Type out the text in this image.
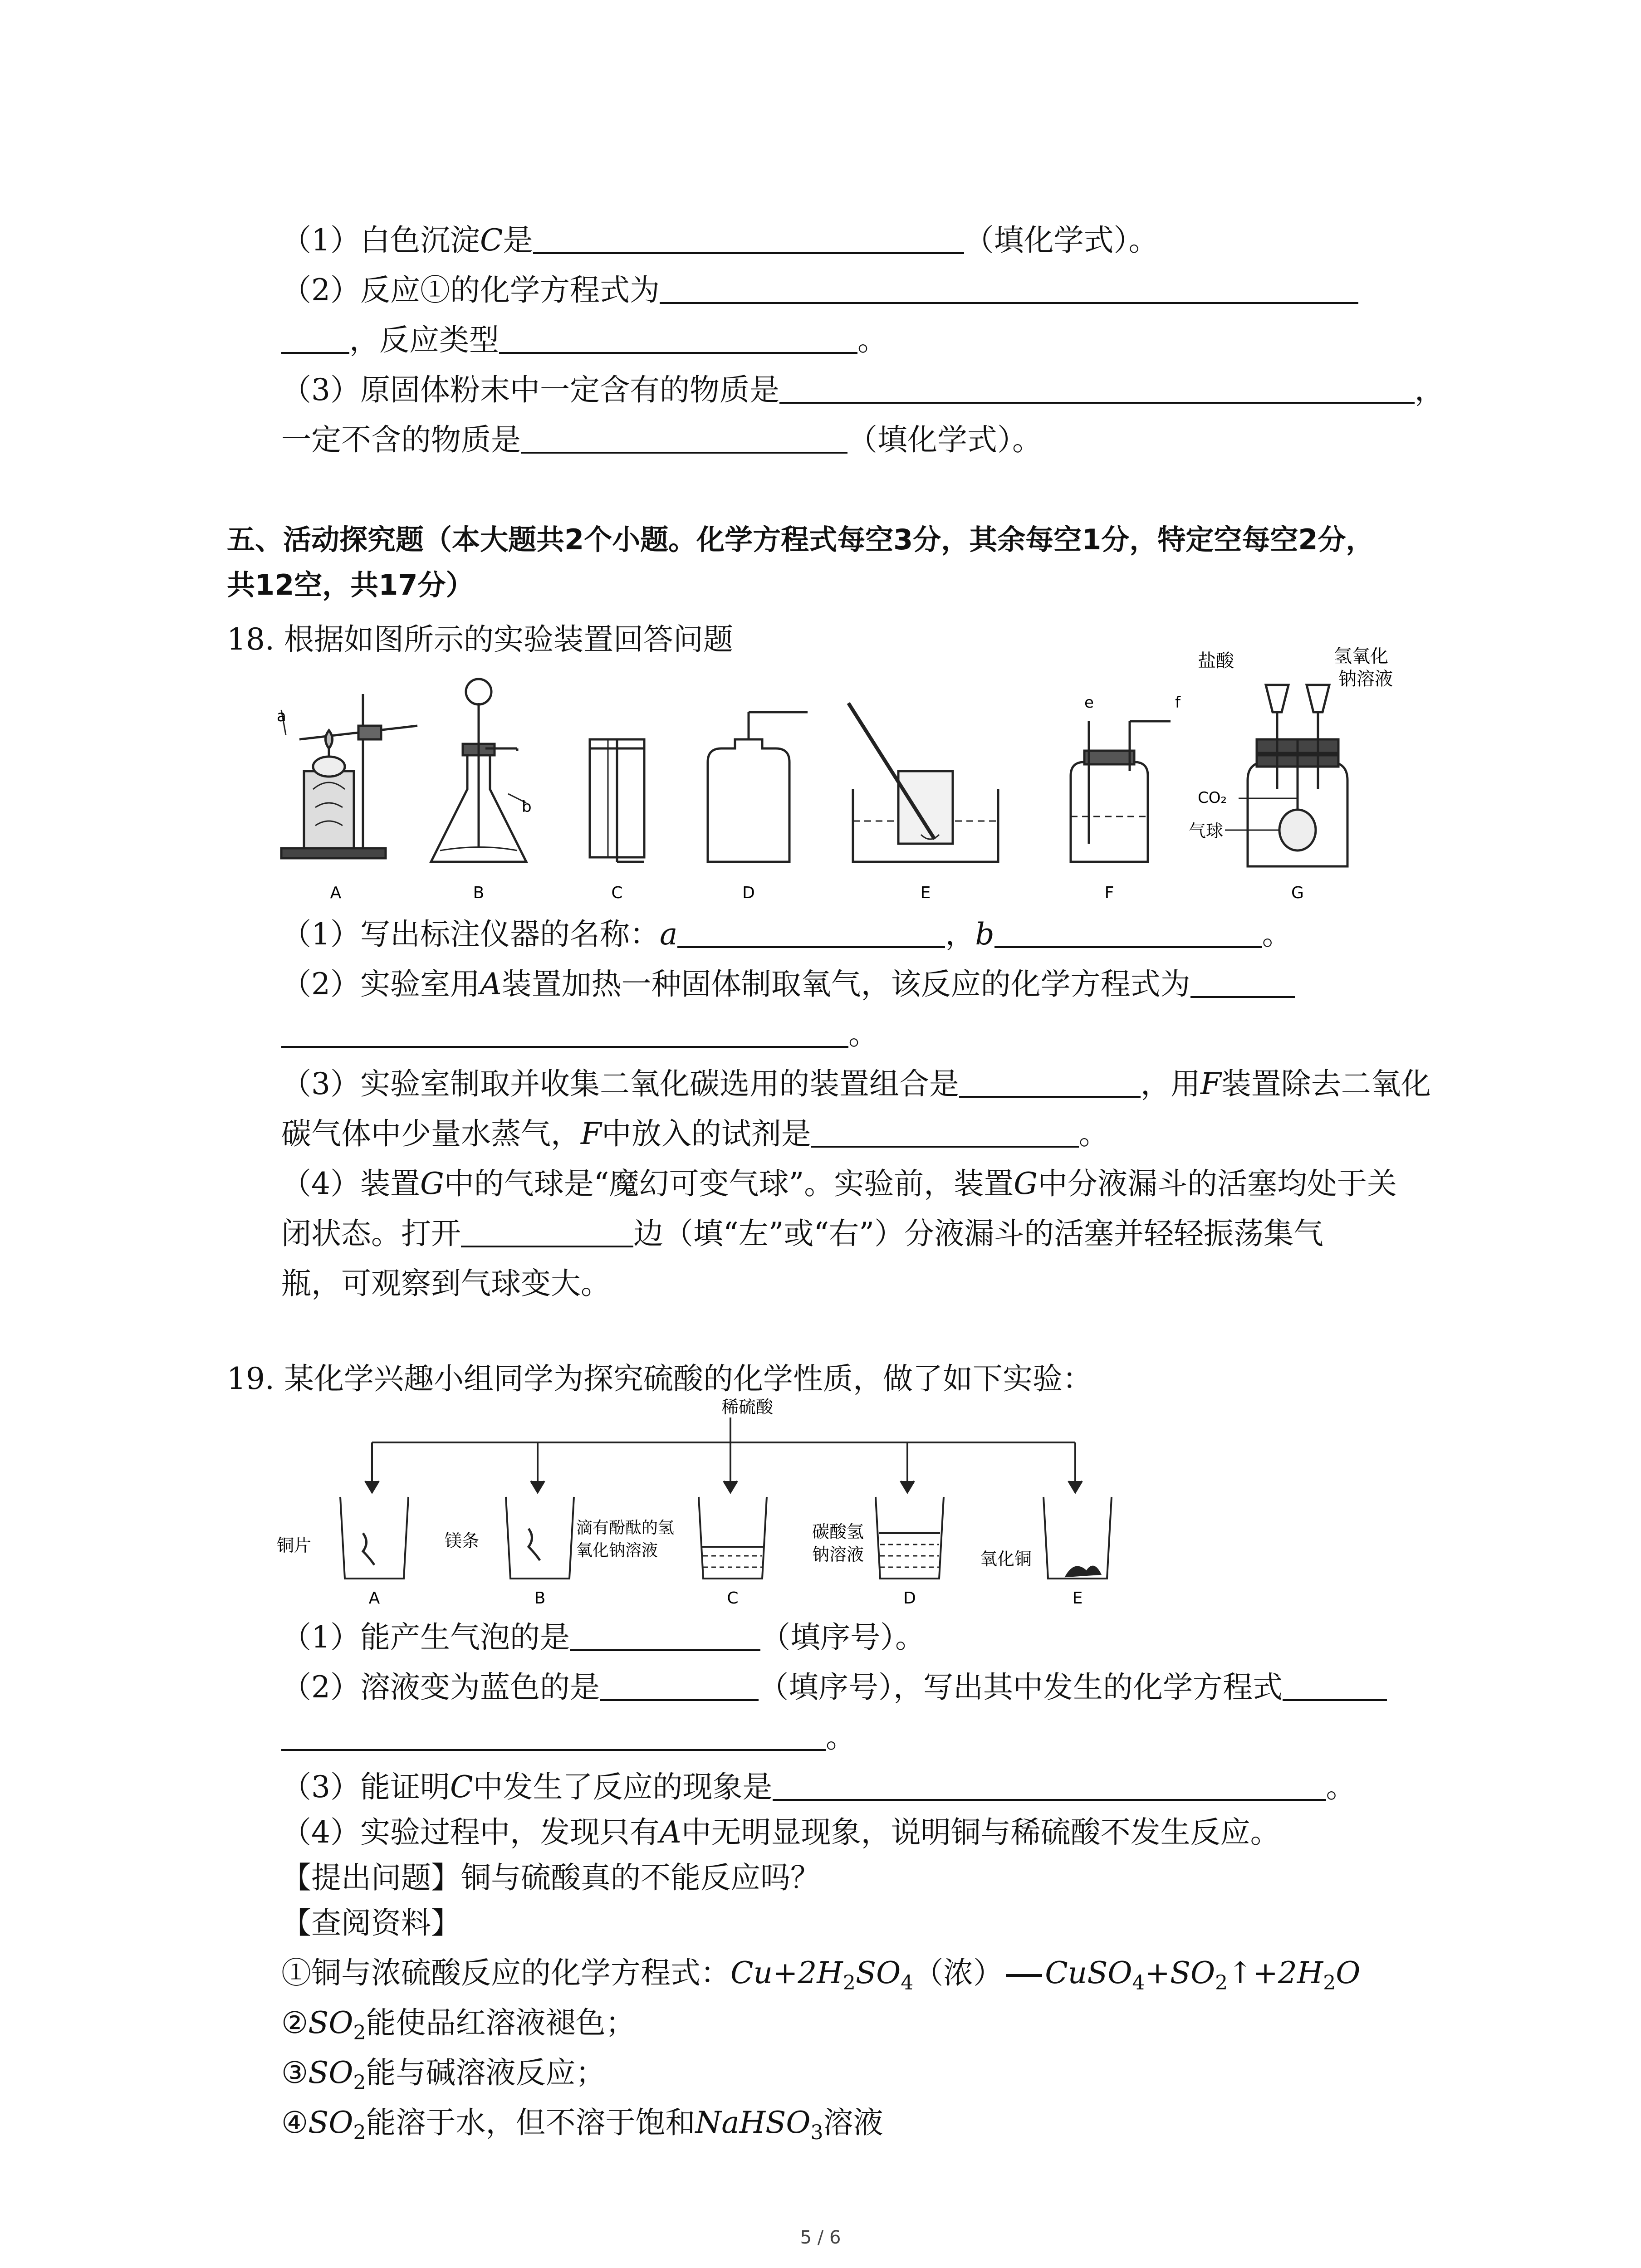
（1）白色沉淀C是	（填化学式）。
（2）反应①的化学方程式为
，反应类型	。
（3）原固体粉末中一定含有的物质是	，
一定不含的物质是	（填化学式）。
五、活动探究题（本大题共2个小题。化学方程式每空3分，其余每空1分，特定空每空2分，
共12空，共17分）
18. 根据如图所示的实验装置回答问题
a
b
e	f
盐酸	氢氧化
钠溶液
CO₂
气球
A	B	C	D	E	F	G
（1）写出标注仪器的名称：a	，b	。
（2）实验室用A装置加热一种固体制取氧气，该反应的化学方程式为
。
（3）实验室制取并收集二氧化碳选用的装置组合是	，用F装置除去二氧化
碳气体中少量水蒸气，F中放入的试剂是	。
（4）装置G中的气球是“魔幻可变气球”。实验前，装置G中分液漏斗的活塞均处于关
闭状态。打开	边（填“左”或“右”）分液漏斗的活塞并轻轻振荡集气
瓶，可观察到气球变大。
19. 某化学兴趣小组同学为探究硫酸的化学性质，做了如下实验：
稀硫酸
铜片	镁条
滴有酚酞的氢
氧化钠溶液
碳酸氢
钠溶液	氧化铜
A	B	C	D	E
（1）能产生气泡的是	（填序号）。
（2）溶液变为蓝色的是	（填序号），写出其中发生的化学方程式
。
（3）能证明C中发生了反应的现象是	。
（4）实验过程中，发现只有A中无明显现象，说明铜与稀硫酸不发生反应。
【提出问题】铜与硫酸真的不能反应吗？
【查阅资料】
①铜与浓硫酸反应的化学方程式：$Cu+2H_2SO_4$（浓） $CuSO_4+SO_2↑+2H_2O$
$②SO_2$能使品红溶液褪色；
$③SO_2$能与碱溶液反应；
$④SO_2$能溶于水，但不溶于饱和NaHSO$_3$溶液
5 / 6
